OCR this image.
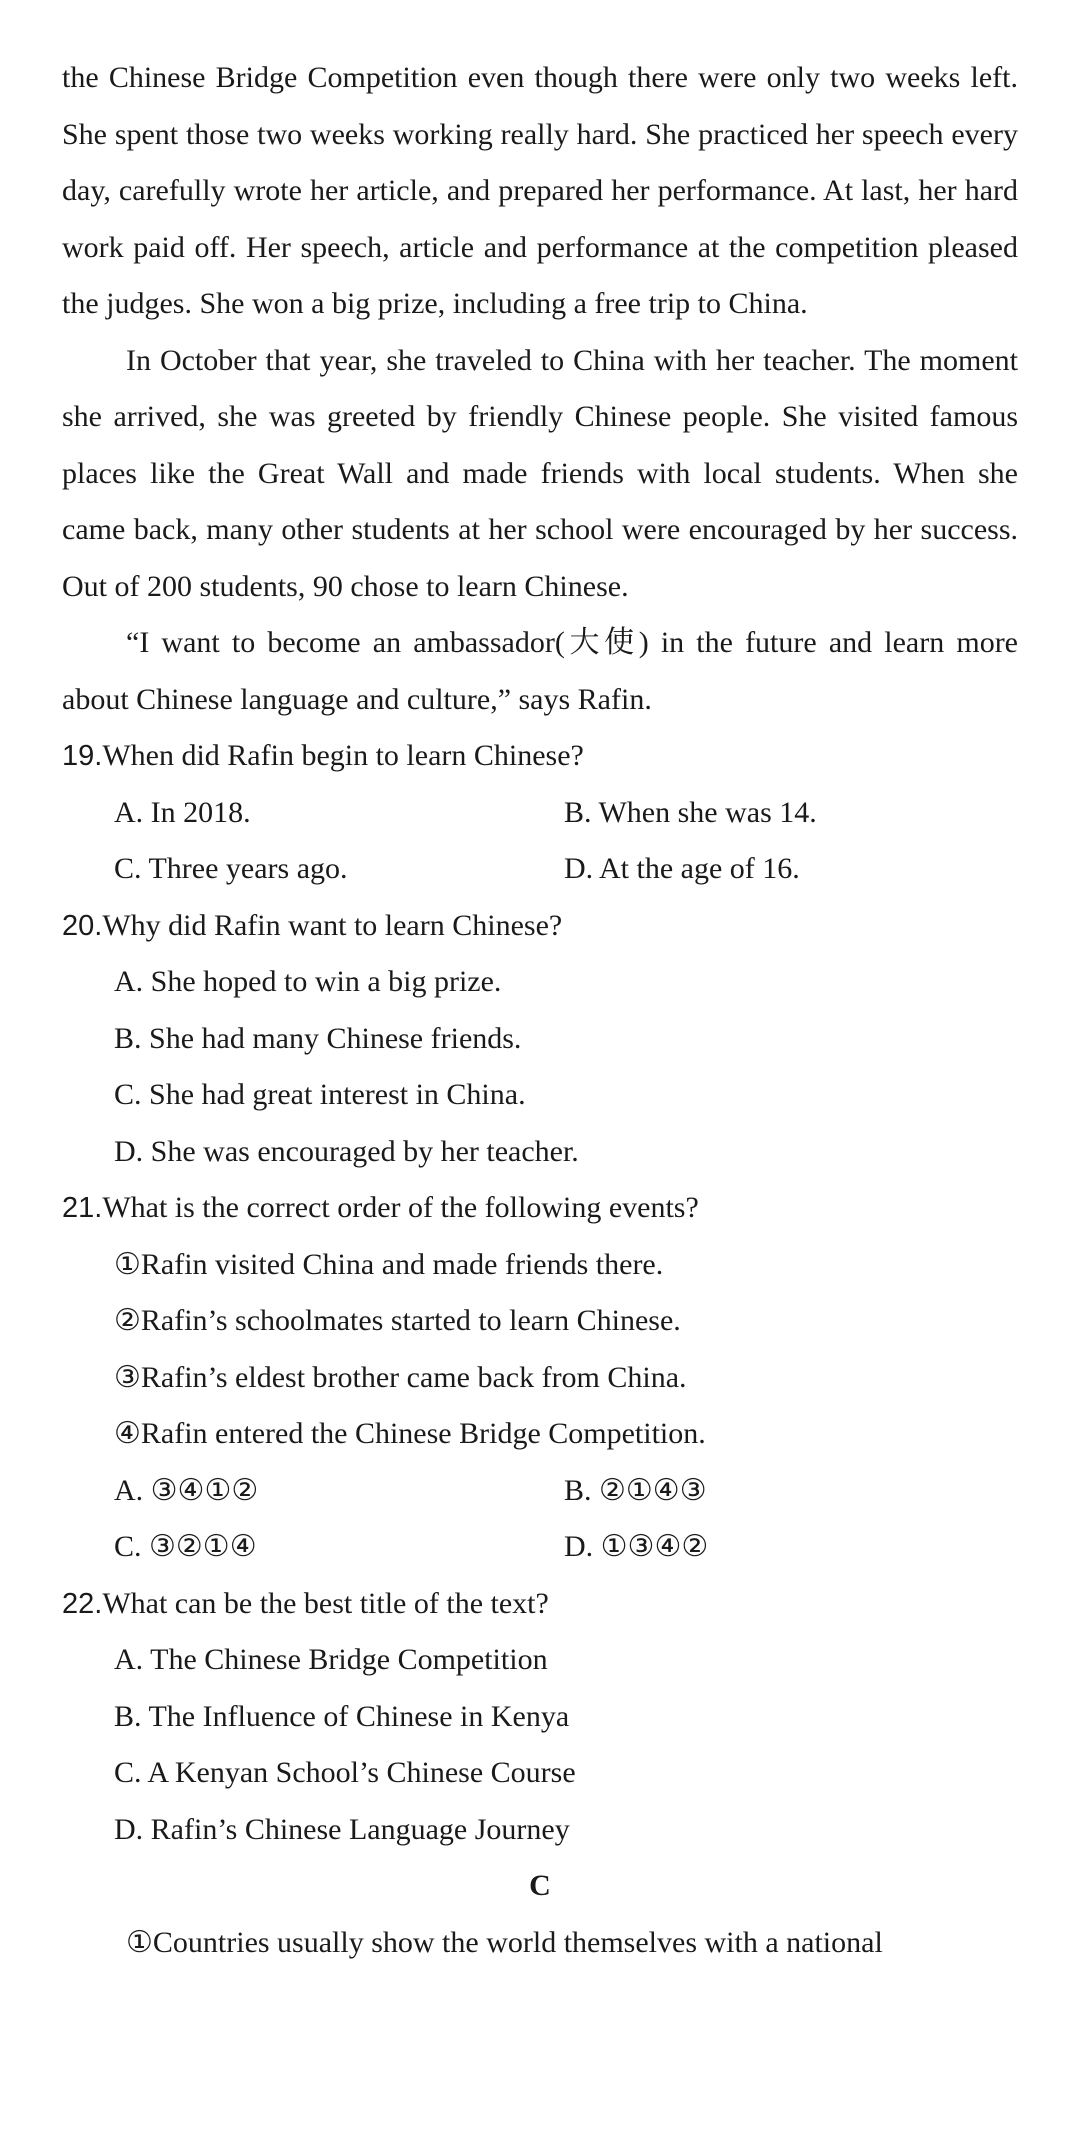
the Chinese Bridge Competition even though there were only two weeks left. She spent those two weeks working really hard. She practiced her speech every day, carefully wrote her article, and prepared her performance. At last, her hard work paid off. Her speech, article and performance at the competition pleased the judges. She won a big prize, including a free trip to China.

In October that year, she traveled to China with her teacher. The moment she arrived, she was greeted by friendly Chinese people. She visited famous places like the Great Wall and made friends with local students. When she came back, many other students at her school were encouraged by her success. Out of 200 students, 90 chose to learn Chinese.

“I want to become an ambassador(大使) in the future and learn more about Chinese language and culture,” says Rafin.

19.When did Rafin begin to learn Chinese?

A. In 2018.	B. When she was 14.
C. Three years ago.	D. At the age of 16.

20.Why did Rafin want to learn Chinese?

A. She hoped to win a big prize.
B. She had many Chinese friends.
C. She had great interest in China.
D. She was encouraged by her teacher.

21.What is the correct order of the following events?

①Rafin visited China and made friends there.
②Rafin’s schoolmates started to learn Chinese.
③Rafin’s eldest brother came back from China.
④Rafin entered the Chinese Bridge Competition.
A. ③④①②	B. ②①④③
C. ③②①④	D. ①③④②

22.What can be the best title of the text?

A. The Chinese Bridge Competition
B. The Influence of Chinese in Kenya
C. A Kenyan School’s Chinese Course
D. Rafin’s Chinese Language Journey

C

①Countries usually show the world themselves with a national
